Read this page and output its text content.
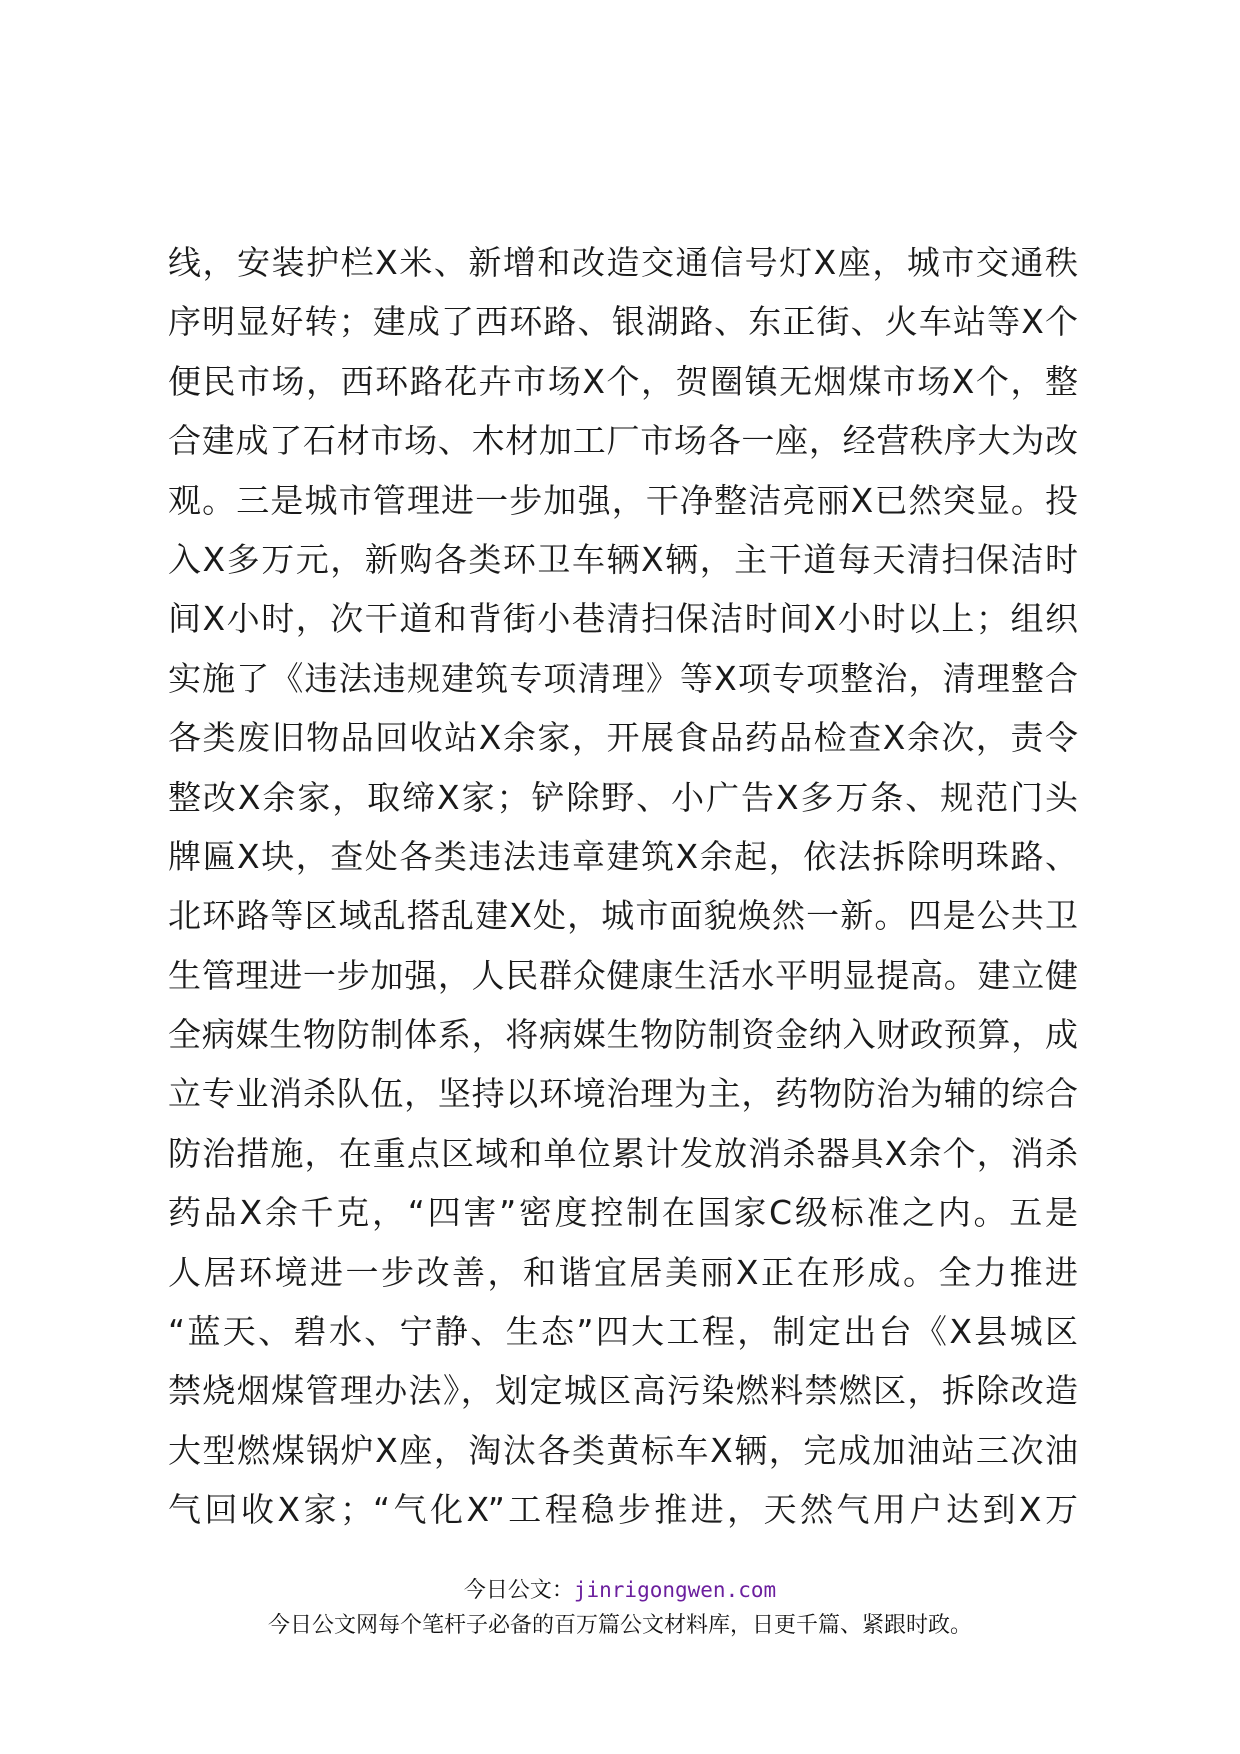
线，安装护栏X米、新增和改造交通信号灯X座，城市交通秩
序明显好转；建成了西环路、银湖路、东正街、火车站等X个
便民市场，西环路花卉市场X个，贺圈镇无烟煤市场X个，整
合建成了石材市场、木材加工厂市场各一座，经营秩序大为改
观。三是城市管理进一步加强，干净整洁亮丽X已然突显。投
入X多万元，新购各类环卫车辆X辆，主干道每天清扫保洁时
间X小时，次干道和背街小巷清扫保洁时间X小时以上；组织
实施了《违法违规建筑专项清理》等X项专项整治，清理整合
各类废旧物品回收站X余家，开展食品药品检查X余次，责令
整改X余家，取缔X家；铲除野、小广告X多万条、规范门头
牌匾X块，查处各类违法违章建筑X余起，依法拆除明珠路、
北环路等区域乱搭乱建X处，城市面貌焕然一新。四是公共卫
生管理进一步加强，人民群众健康生活水平明显提高。建立健
全病媒生物防制体系，将病媒生物防制资金纳入财政预算，成
立专业消杀队伍，坚持以环境治理为主，药物防治为辅的综合
防治措施，在重点区域和单位累计发放消杀器具X余个，消杀
药品X余千克，“四害”密度控制在国家C级标准之内。五是
人居环境进一步改善，和谐宜居美丽X正在形成。全力推进
“蓝天、碧水、宁静、生态”四大工程，制定出台《X县城区
禁烧烟煤管理办法》，划定城区高污染燃料禁燃区，拆除改造
大型燃煤锅炉X座，淘汰各类黄标车X辆，完成加油站三次油
气回收X家；“气化X”工程稳步推进，天然气用户达到X万
今日公文：jinrigongwen.com
今日公文网每个笔杆子必备的百万篇公文材料库，日更千篇、紧跟时政。
